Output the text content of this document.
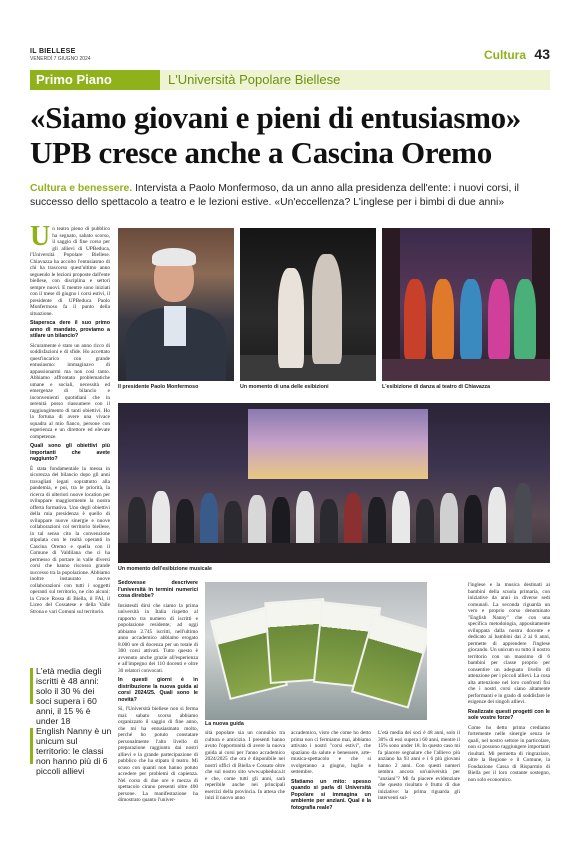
IL BIELLESE
VENERDÌ 7 GIUGNO 2024	Cultura 43
Primo Piano	L'Università Popolare Biellese
«Siamo giovani e pieni di entusiasmo»
UPB cresce anche a Cascina Oremo
Cultura e benessere. Intervista a Paolo Monfermoso, da un anno alla presidenza dell'ente: i nuovi corsi, il successo dello spettacolo a teatro e le lezioni estive. «Un'eccellenza? L'inglese per i bimbi di due anni»

Un teatro pieno di pubblico ha segnato, sabato scorso, il saggio di fine corso per gli allievi di UPBeduca, l'Università Popolare Biellese. Chiavazza ha accolto l'entusiasmo di chi ha trascorso quest'ultimo anno seguendo le lezioni proposte dall'ente biellese, con disciplina e settori sempre nuovi. E mentre sono iniziati con il mese di giugno i corsi estivi, il presidente di UPBeduca Paolo Monfermoso fa il punto della situazione.

Stapersca dere il suo primo anno di mandato, proviamo a stilare un bilancio?

Sicuramente è stato un anno ricco di soddisfazioni e di sfide. Ho accettato quest'incarico con grande entusiasmo: immaginavo di appassionarmi ma non così tanto. Abbiamo affrontato problematiche umane e sociali, necessità ed emergenze di bilancio e inconvenienti quotidiani che in serenità posso riassumere con il raggiungimento di tanti obiettivi. Ho la fortuna di avere una vivace squadra al mio fianco, persone con esperienza e un direttore ed elevate competenze.

Quali sono gli obiettivi più importanti che avete raggiunto?

È stata fondamentale la messa in sicurezza del bilancio dopo gli anni travagliati legati soprattutto alla pandemia, e poi, tra le priorità, la ricerca di ulteriori nuove location per sviluppare maggiormente la nostra offerta formativa. Uno degli obiettivi della mia presidenza è quello di sviluppare nuove sinergie e nuove collaborazioni col territorio biellese, in tal senso cito la convenzione stipulata con le realtà operanti in Cascina Oremo e quella con il Comune di Valdilana che ci ha permesso di portare in valle diversi corsi che hanno riscosso grande successo tra la popolazione. Abbiamo inoltre instaurato nuove collaborazioni con tutti i soggetti operanti sul territorio, ne cito alcuni: la Croce Rossa di Biella, il FAI, il Liceo del Cossatese e della Valle Strona e vari Comuni sul territorio.

L'età media degli iscritti è 48 anni: solo il 30 % dei soci supera i 60 anni, il 15 % è under 18
English Nanny è un unicum sul territorio: le classi non hanno più di 6 piccoli allievi
Il presidente Paolo Monfermoso	Un momento di una delle esibizioni	L'esibizione di danza al teatro di Chiavazza
Un momento dell'esibizione musicale

Sedovesse descrivere l'università in termini numerici cosa direbbe?

Insistesdi dirsi che siamo la prima università in Italia rispetto al rapporto tra numero di iscritti e popolazione residente; ad oggi abbiamo 2.745 iscritti, nell'ultimo anno accademico abbiamo erogato 8.000 ore di docenza per un totale di 300 corsi attivati. Tutto questo è avvenuto anche grazie all'esperienza e all'impegno dei 110 docenti e oltre 30 relatori convocati.

In questi giorni è in distribuzione la nuova guida ai corsi 2024/25. Quali sono le novità?

Sì, l'Università biellese non si ferma mai: sabato scorso abbiamo organizzato il saggio di fine anno, che mi ha entusiasmato molto, perché ho potuto constatare personalmente l'alto livello di preparazione raggiunto dai nostri allievi e la grande partecipazione di pubblico che ha stipato il teatro. Mi scuso con quanti non hanno potuto accedere per problemi di capienza. Nel corso di due ore e mezza di spettacolo cirano presenti oltre 400 persone. La manifestazione ha dimostrato quanto l'univer-

La nuova guida

sità popolare sia un connubio tra cultura e amicizia. I presenti hanno avuto l'opportunità di avere la nuova guida ai corsi per l'anno accademico 2024/2025 che ora è disponibile nei nostri uffici di Biella e Cossato oltre che sul nostro sito www.upbeduca.it e che, come tutti gli anni, sarà reperibile anche nei principali esercizi della provincia. In attesa che inizi il nuovo anno

accademico, visto che come ho detto prima non ci fermiamo mai, abbiamo attivato i nostri "corsi estivi", che spaziano da salute e benessere, arte-musica-spettacolo e che si svolgeranno a giugno, luglio e settembre.

Sfatiamo un mito: spesso quando si parla di Università Popolare si immagina un ambiente per anziani. Qual è la fotografia reale?

L'età media dei soci è 48 anni, solo il 30% di essi supera i 60 anni, mentre il 15% sono under 18. In questo caso mi fa piacere segnalare che l'allievo più anziano ha 93 anni e i 6 più giovani hanno 2 anni. Con questi numeri sembra ancora un'università per "anziani"? Mi fa piacere evidenziare che questo risultato è frutto di due iniziative: la prima riguarda gli interventi sul-

l'inglese e la musica destinati ai bambini della scuola primaria, con iniziative da anni in diverse sedi comunali. La seconda riguarda un vero e proprio corso denominato "English Nanny" che con una specifica metodologia, appositamente sviluppata dalla nostra docente e dedicato ai bambini dai 2 ai 6 anni, permette di apprendere l'inglese giocando. Un unicum su tutto il nostro territorio con un massimo di 6 bambini per classe proprio per consentire un adeguato livello di attenzione per i piccoli allievi. La cosa alta attenzione nel loro confronti fisi che i nostri corsi siano altamente performanti e in grado di soddisfare le esigenze dei singoli allievi.

Realizzate questi progetti con le sole vostre forze?

Come ho detto prima crediamo fortemente nelle sinergie senza le quali, nel nostro settore in particolare, non si possono raggiungere importanti risultati. Mi permetta di ringraziare, oltre la Regione e il Comune, la Fondazione Cassa di Risparmio di Biella per il loro costante sostegno, non solo economico.
